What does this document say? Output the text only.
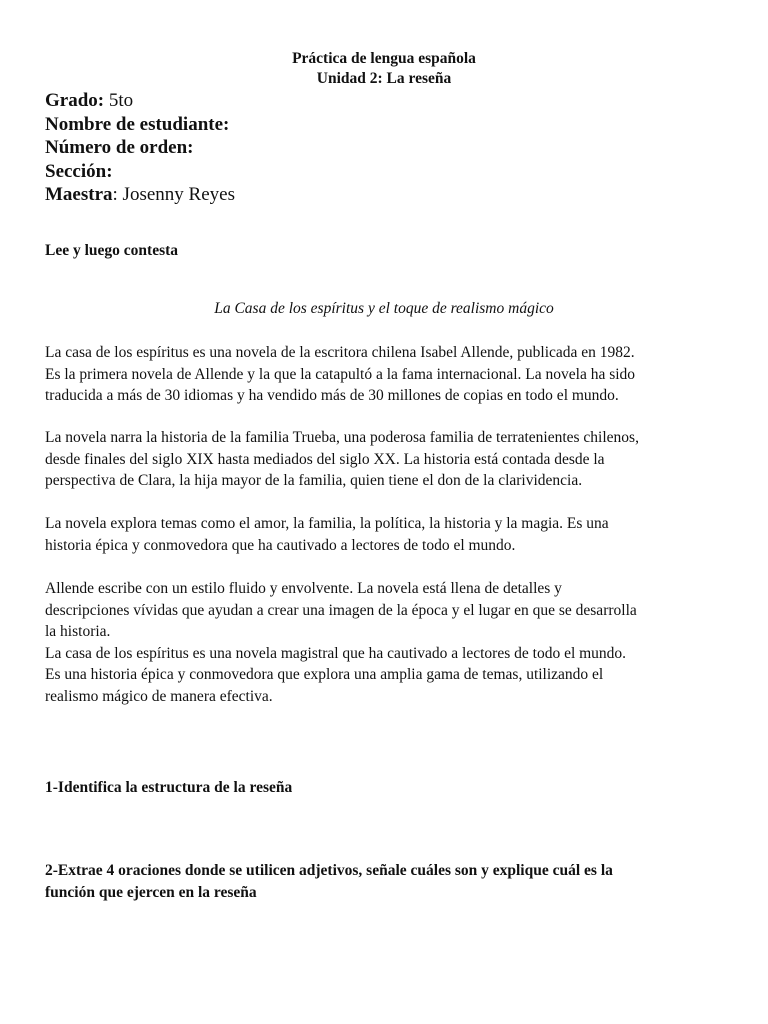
Práctica de lengua española
Unidad 2: La reseña
Grado: 5to
Nombre de estudiante:
Número de orden:
Sección:
Maestra: Josenny Reyes
Lee y luego contesta
La Casa de los espíritus y el toque de realismo mágico
La casa de los espíritus es una novela de la escritora chilena Isabel Allende, publicada en 1982.
Es la primera novela de Allende y la que la catapultó a la fama internacional. La novela ha sido
traducida a más de 30 idiomas y ha vendido más de 30 millones de copias en todo el mundo.
La novela narra la historia de la familia Trueba, una poderosa familia de terratenientes chilenos,
desde finales del siglo XIX hasta mediados del siglo XX. La historia está contada desde la
perspectiva de Clara, la hija mayor de la familia, quien tiene el don de la clarividencia.
La novela explora temas como el amor, la familia, la política, la historia y la magia. Es una
historia épica y conmovedora que ha cautivado a lectores de todo el mundo.
Allende escribe con un estilo fluido y envolvente. La novela está llena de detalles y
descripciones vívidas que ayudan a crear una imagen de la época y el lugar en que se desarrolla
la historia.
La casa de los espíritus es una novela magistral que ha cautivado a lectores de todo el mundo.
Es una historia épica y conmovedora que explora una amplia gama de temas, utilizando el
realismo mágico de manera efectiva.
1-Identifica la estructura de la reseña
2-Extrae 4 oraciones donde se utilicen adjetivos, señale cuáles son y explique cuál es la
función que ejercen en la reseña
